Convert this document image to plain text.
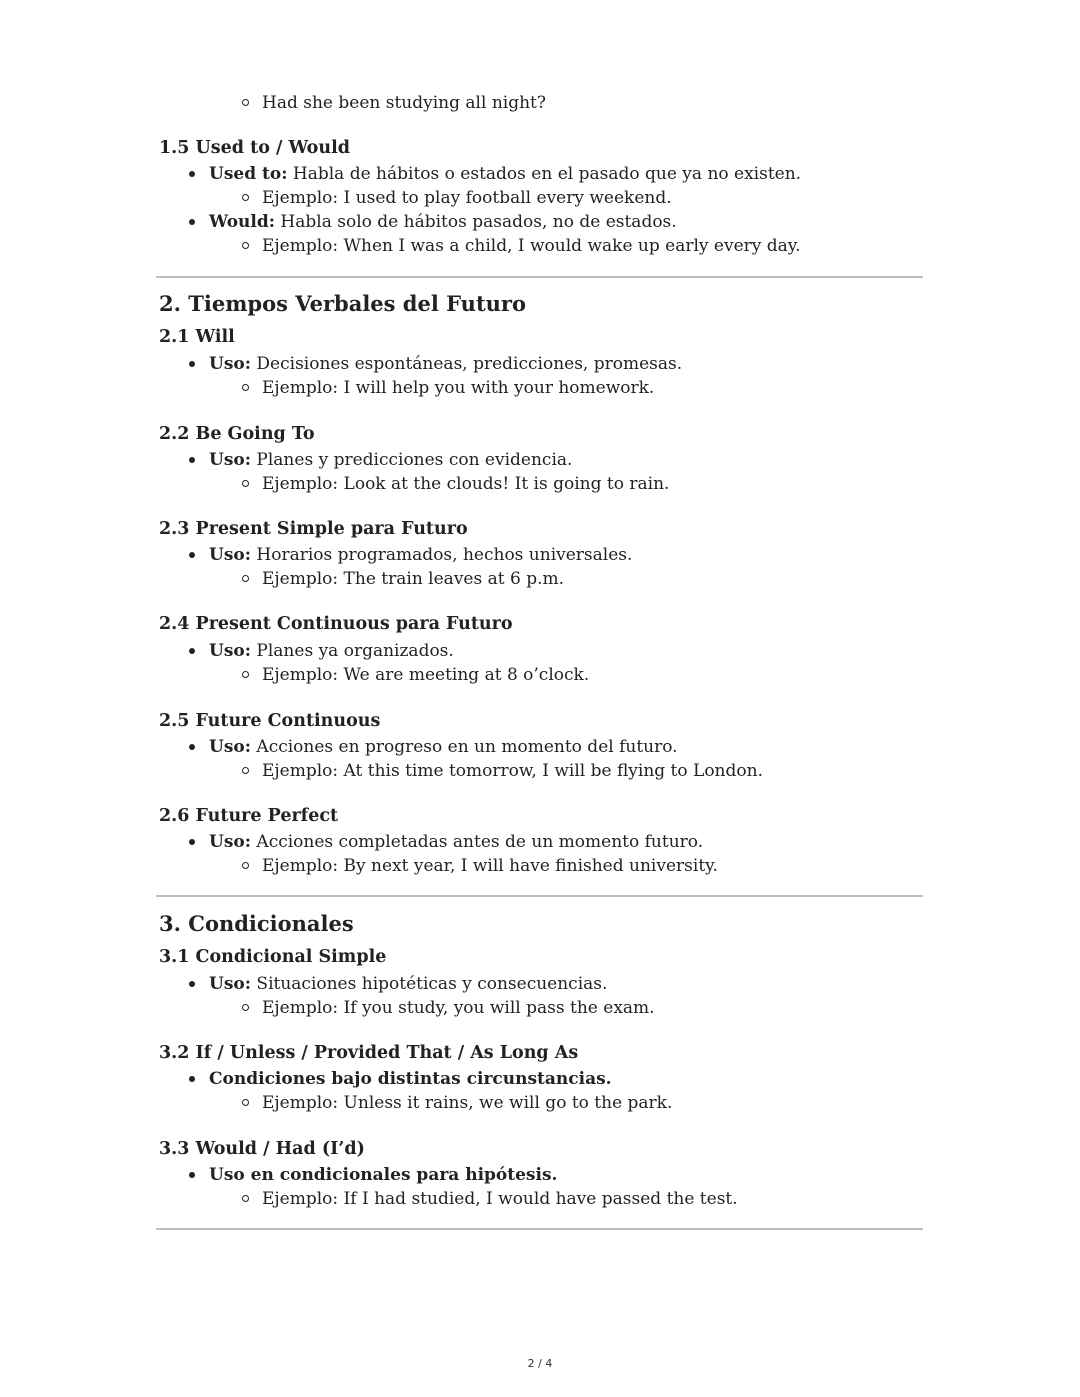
Had she been studying all night?
1.5 Used to / Would
Used to: Habla de hábitos o estados en el pasado que ya no existen.
Ejemplo: I used to play football every weekend.
Would: Habla solo de hábitos pasados, no de estados.
Ejemplo: When I was a child, I would wake up early every day.
2. Tiempos Verbales del Futuro
2.1 Will
Uso: Decisiones espontáneas, predicciones, promesas.
Ejemplo: I will help you with your homework.
2.2 Be Going To
Uso: Planes y predicciones con evidencia.
Ejemplo: Look at the clouds! It is going to rain.
2.3 Present Simple para Futuro
Uso: Horarios programados, hechos universales.
Ejemplo: The train leaves at 6 p.m.
2.4 Present Continuous para Futuro
Uso: Planes ya organizados.
Ejemplo: We are meeting at 8 o’clock.
2.5 Future Continuous
Uso: Acciones en progreso en un momento del futuro.
Ejemplo: At this time tomorrow, I will be flying to London.
2.6 Future Perfect
Uso: Acciones completadas antes de un momento futuro.
Ejemplo: By next year, I will have finished university.
3. Condicionales
3.1 Condicional Simple
Uso: Situaciones hipotéticas y consecuencias.
Ejemplo: If you study, you will pass the exam.
3.2 If / Unless / Provided That / As Long As
Condiciones bajo distintas circunstancias.
Ejemplo: Unless it rains, we will go to the park.
3.3 Would / Had (I’d)
Uso en condicionales para hipótesis.
Ejemplo: If I had studied, I would have passed the test.
2 / 4
